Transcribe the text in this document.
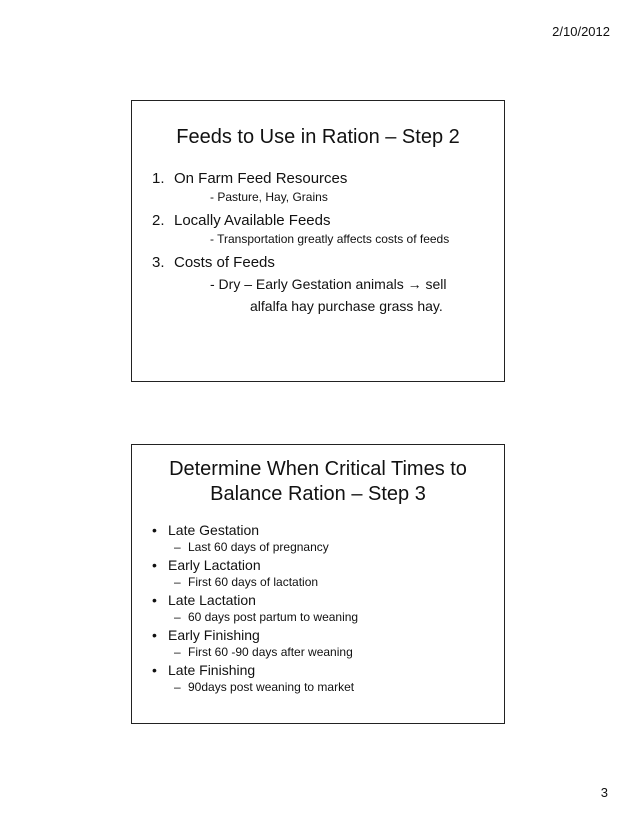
2/10/2012
Feeds to Use in Ration – Step 2
1. On Farm Feed Resources
- Pasture, Hay, Grains
2. Locally Available Feeds
- Transportation greatly affects costs of feeds
3. Costs of Feeds
- Dry – Early Gestation animals → sell
alfalfa hay purchase grass hay.
Determine When Critical Times to
Balance Ration – Step 3
• Late Gestation
– Last 60 days of pregnancy
• Early Lactation
– First 60 days of lactation
• Late Lactation
– 60 days post partum to weaning
• Early Finishing
– First 60 -90 days after weaning
• Late Finishing
– 90days post weaning to market
3
